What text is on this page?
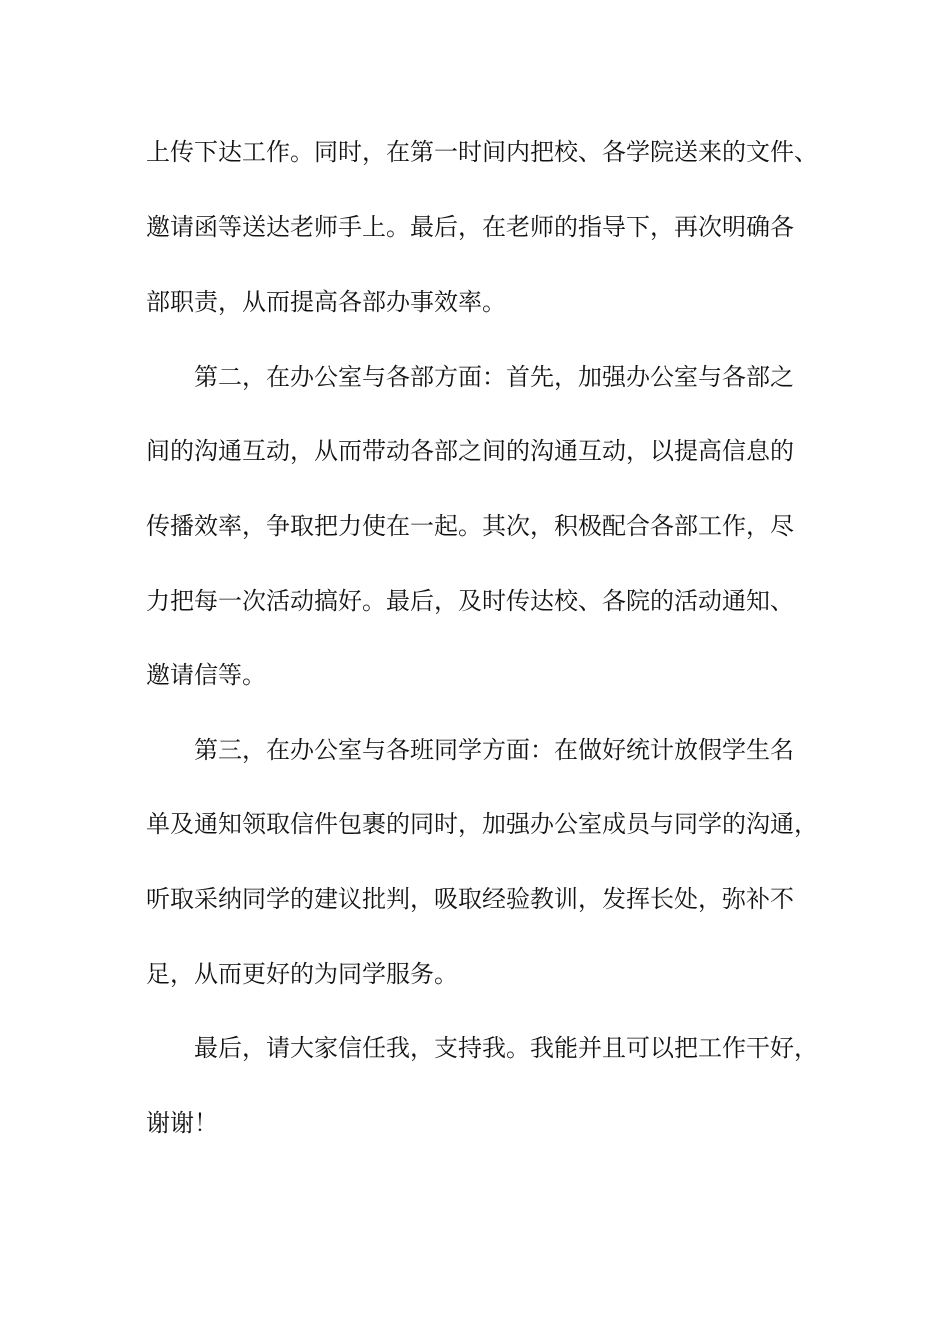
上传下达工作。同时，在第一时间内把校、各学院送来的文件、
邀请函等送达老师手上。最后，在老师的指导下，再次明确各
部职责，从而提高各部办事效率。
第二，在办公室与各部方面：首先，加强办公室与各部之
间的沟通互动，从而带动各部之间的沟通互动，以提高信息的
传播效率，争取把力使在一起。其次，积极配合各部工作，尽
力把每一次活动搞好。最后，及时传达校、各院的活动通知、
邀请信等。
第三，在办公室与各班同学方面：在做好统计放假学生名
单及通知领取信件包裹的同时，加强办公室成员与同学的沟通，
听取采纳同学的建议批判，吸取经验教训，发挥长处，弥补不
足，从而更好的为同学服务。
最后，请大家信任我，支持我。我能并且可以把工作干好，
谢谢！
